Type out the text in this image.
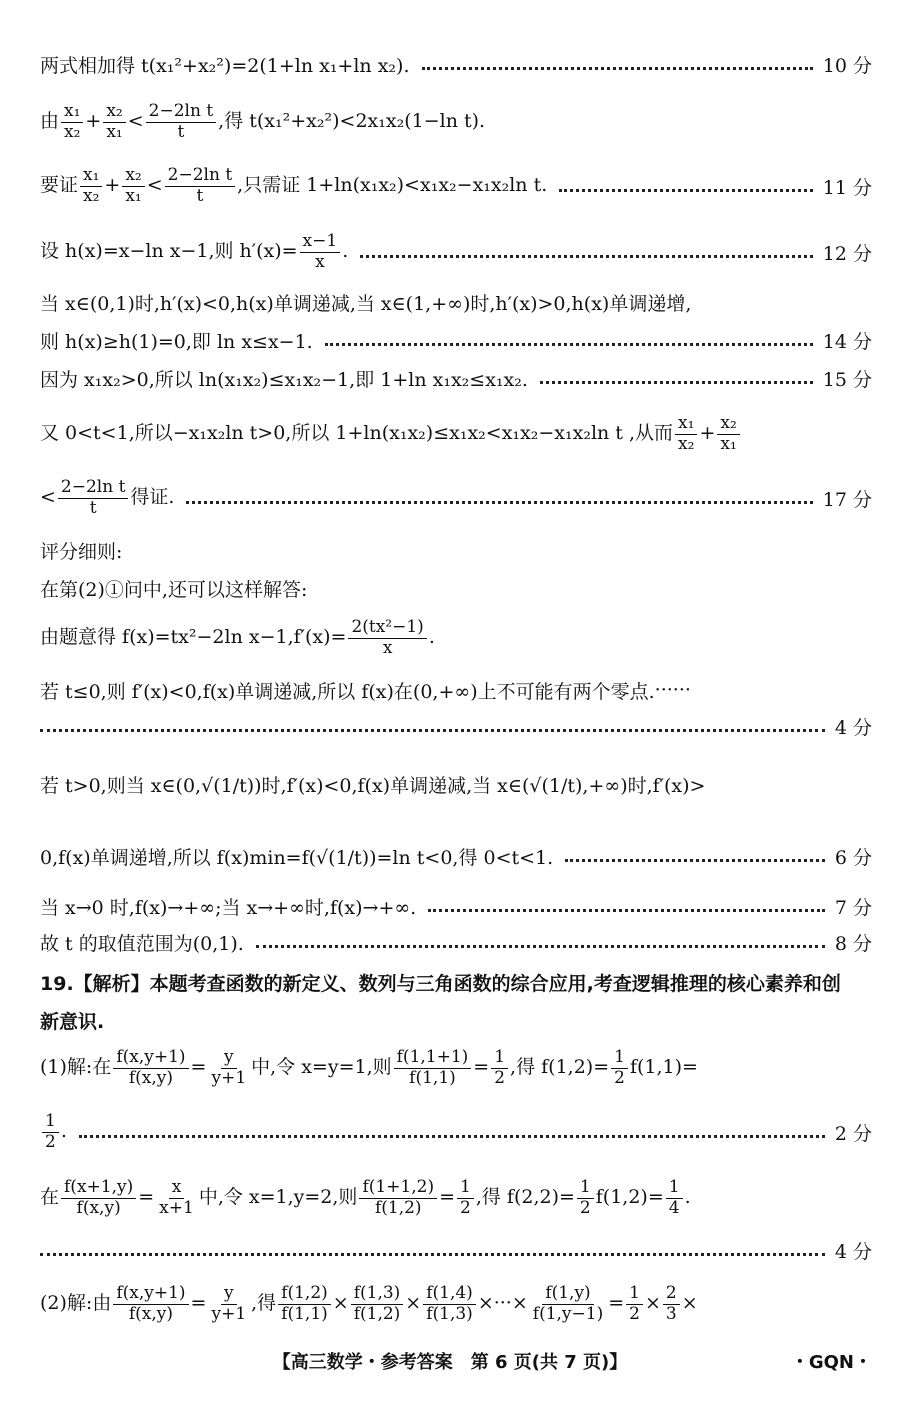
两式相加得 t(x₁²+x₂²)=2(1+ln x₁+ln x₂).	10 分
由 $\frac{\text{x₁}}{\text{x₂}} + \frac{\text{x₂}}{\text{x₁}} < \frac{\text{2−2ln t}}{t}$ ,得 t(x₁²+x₂²)<2x₁x₂(1−ln t).
要证 $\frac{\text{x₁}}{\text{x₂}} + \frac{\text{x₂}}{\text{x₁}} < \frac{\text{2−2ln t}}{t}$ ,只需证 1+ln(x₁x₂)<x₁x₂−x₁x₂ln t.	11 分
设 h(x)=x−ln x−1,则 $h'(x)= \frac{x-1}{x}$ .	12 分
当 x∈(0,1)时,h′(x)<0,h(x)单调递减,当 x∈(1,+∞)时,h′(x)>0,h(x)单调递增,
则 h(x)≥h(1)=0,即 ln x≤x−1.	14 分
因为 x₁x₂>0,所以 ln(x₁x₂)≤x₁x₂−1,即 1+ln x₁x₂≤x₁x₂.	15 分
又 0<t<1,所以−x₁x₂ln t>0,所以 1+ln(x₁x₂)≤x₁x₂<x₁x₂−x₁x₂ln t ,从而 $\frac{\text{x₁}}{\text{x₂}} + \frac{\text{x₂}}{\text{x₁}}$
< $\frac{\text{2−2ln t}}{t}$ 得证.	17 分
评分细则:
在第(2)①问中,还可以这样解答:
由题意得 f(x)=tx²−2ln $x-1,f'(x)= \frac{\text{2(tx²−1)}}{x}$ .
若 t≤0,则 f′(x)<0,f(x)单调递减,所以 f(x)在(0,+∞)上不可能有两个零点. ······
4 分
若 t>0,则当 x∈(0,√(1/t))时,f′(x)<0,f(x)单调递减,当 x∈(√(1/t),+∞)时,f′(x)>
0,f(x)单调递增,所以 f(x)min=f(√(1/t))=ln t<0,得 0<t<1.	6 分
当 x→0 时,f(x)→+∞;当 x→+∞时,f(x)→+∞.	7 分
故 t 的取值范围为(0,1).	8 分
19.【解析】本题考查函数的新定义、数列与三角函数的综合应用,考查逻辑推理的核心素养和创
新意识.
(1)解:在 $\frac{f(x,y+1)}{f(x,y)} = \frac{y}{y+1}$ 中,令 x=y=1,则 $\frac{f(1,1+1)}{f(1,1)} = \frac{1}{2}$ ,得 $f(1,2)= \frac{1}{2} f(1,1)=$
$\frac{1}{2}$ .	2 分
在 $\frac{f(x+1,y)}{f(x,y)} = \frac{x}{x+1}$ 中,令 x=1,y=2,则 $\frac{f(1+1,2)}{f(1,2)} = \frac{1}{2}$ ,得 $f(2,2)= \frac{1}{2} f(1,2)= \frac{1}{4}$ .
4 分
(2)解:由 $\frac{f(x,y+1)}{f(x,y)} = \frac{y}{y+1}$ ,得 $\frac{f(1,2)}{f(1,1)} \times \frac{f(1,3)}{f(1,2)} \times \frac{f(1,4)}{f(1,3)}$ ×···× $\frac{f(1,y)}{f(1,y-1)} = \frac{1}{2} \times \frac{2}{3}$ ×
【高三数学・参考答案　第 6 页(共 7 页)】	・GQN・
